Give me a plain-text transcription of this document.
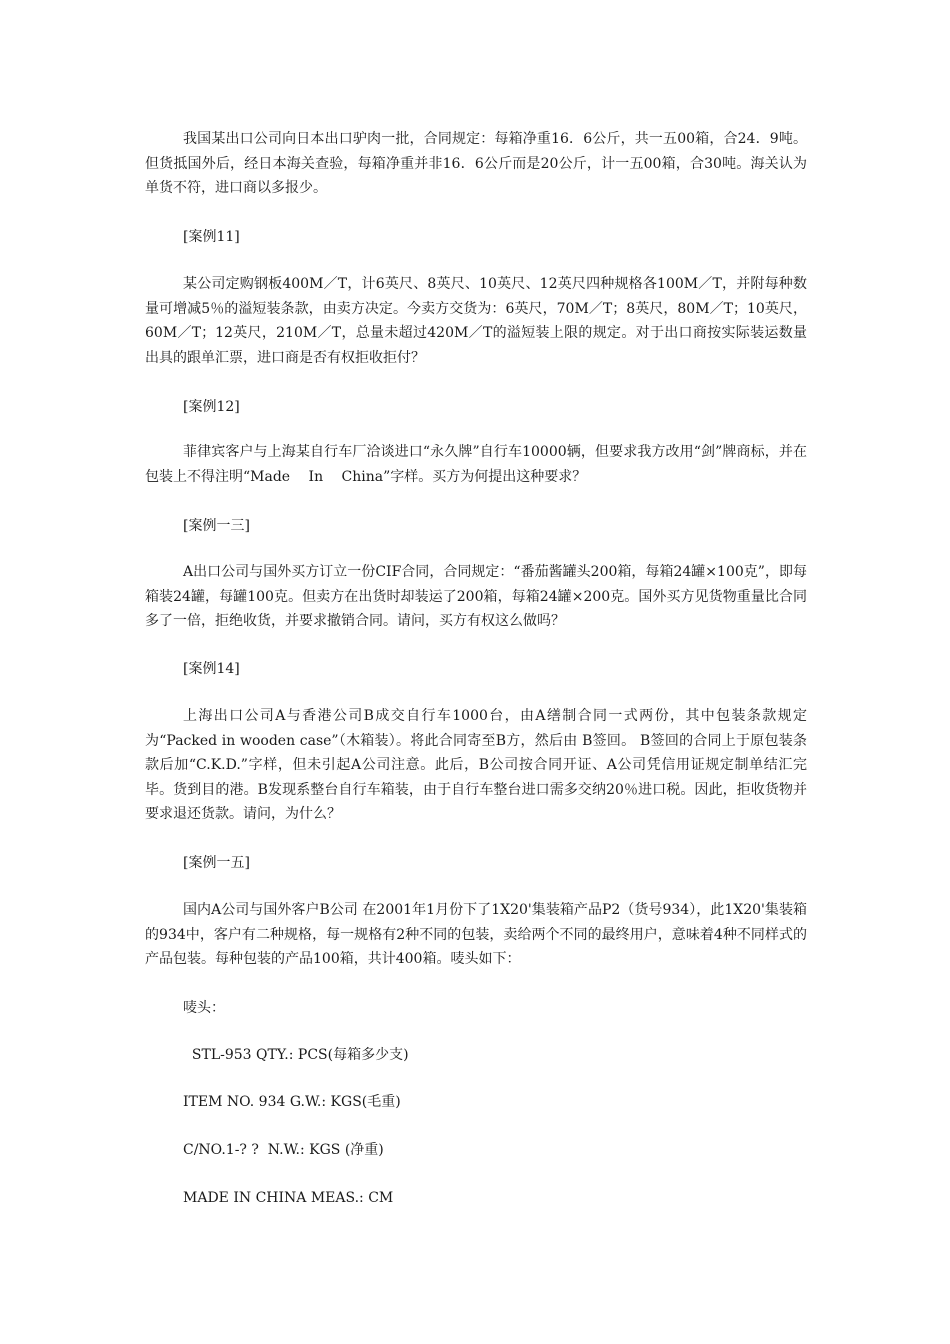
我国某出口公司向日本出口驴肉一批，合同规定：每箱净重16．6公斤，共一五00箱，合24．9吨。但货抵国外后，经日本海关查验，每箱净重并非16．6公斤而是20公斤，计一五00箱，合30吨。海关认为单货不符，进口商以多报少。

[案例11]

某公司定购钢板400M／T，计6英尺、8英尺、10英尺、12英尺四种规格各100M／T，并附每种数量可增减5％的溢短装条款，由卖方决定。今卖方交货为：6英尺，70M／T；8英尺，80M／T；10英尺，60M／T；12英尺，210M／T，总量未超过420M／T的溢短装上限的规定。对于出口商按实际装运数量出具的跟单汇票，进口商是否有权拒收拒付？

[案例12]

菲律宾客户与上海某自行车厂洽谈进口“永久牌”自行车10000辆，但要求我方改用“剑”牌商标，并在包装上不得注明“Made　 In　 China”字样。买方为何提出这种要求？

[案例一三]

A出口公司与国外买方订立一份CIF合同，合同规定：“番茄酱罐头200箱，每箱24罐×100克”，即每箱装24罐，每罐100克。但卖方在出货时却装运了200箱，每箱24罐×200克。国外买方见货物重量比合同多了一倍，拒绝收货，并要求撤销合同。请问，买方有权这么做吗？

[案例14]

上海出口公司A与香港公司B成交自行车1000台，由A缮制合同一式两份，其中包装条款规定为“Packed in wooden case”（木箱装）。将此合同寄至B方，然后由 B签回。 B签回的合同上于原包装条款后加“C.K.D.”字样，但未引起A公司注意。此后，B公司按合同开证、A公司凭信用证规定制单结汇完毕。货到目的港。B发现系整台自行车箱装，由于自行车整台进口需多交纳20％进口税。因此，拒收货物并要求退还货款。请问，为什么？

[案例一五]

国内A公司与国外客户B公司 在2001年1月份下了1X20'集装箱产品P2（货号934），此1X20'集装箱的934中，客户有二种规格，每一规格有2种不同的包装，卖给两个不同的最终用户，意味着4种不同样式的产品包装。每种包装的产品100箱，共计400箱。唛头如下：

唛头：

STL-953 QTY.: PCS(每箱多少支)

ITEM NO. 934 G.W.: KGS(毛重)

C/NO.1-? ?  N.W.: KGS (净重)

MADE IN CHINA MEAS.: CM
